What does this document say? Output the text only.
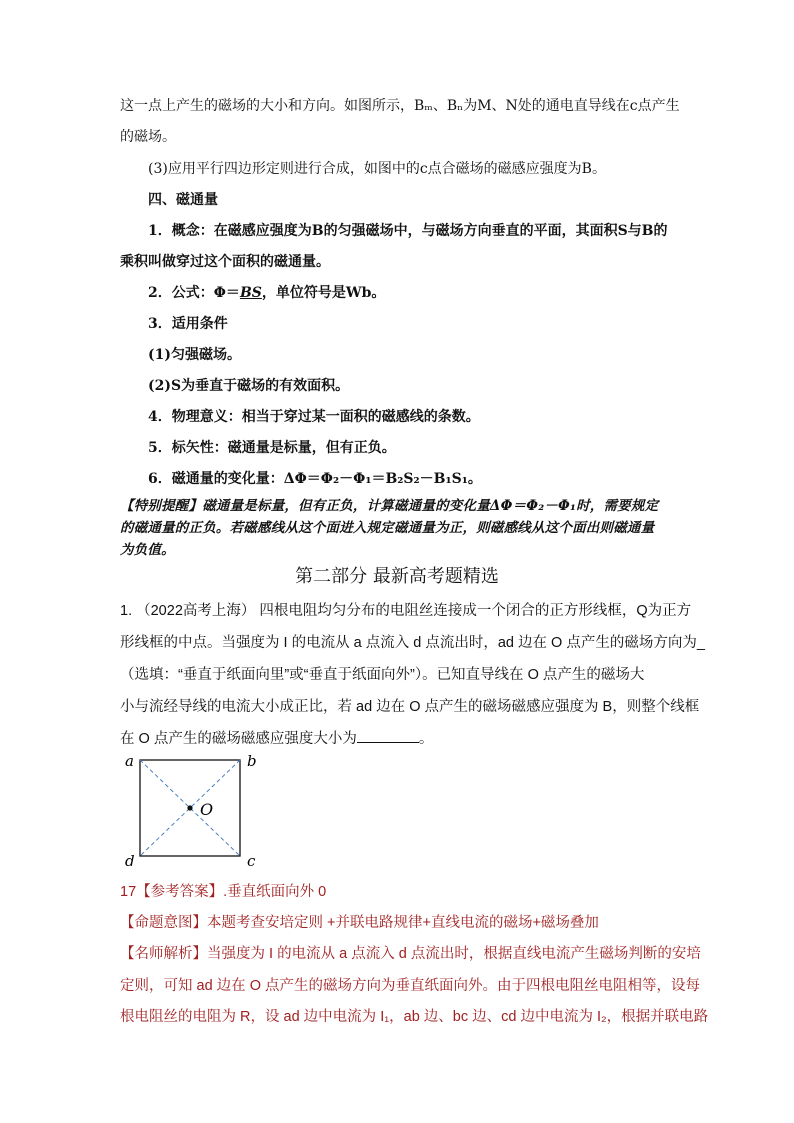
这一点上产生的磁场的大小和方向。如图所示，Bₘ、Bₙ为M、N处的通电直导线在c点产生
的磁场。
(3)应用平行四边形定则进行合成，如图中的c点合磁场的磁感应强度为B。
四、磁通量
1．概念：在磁感应强度为B的匀强磁场中，与磁场方向垂直的平面，其面积S与B的
乘积叫做穿过这个面积的磁通量。
2．公式：Φ＝BS，单位符号是Wb。
3．适用条件
(1)匀强磁场。
(2)S为垂直于磁场的有效面积。
4．物理意义：相当于穿过某一面积的磁感线的条数。
5．标矢性：磁通量是标量，但有正负。
6．磁通量的变化量：ΔΦ＝Φ₂－Φ₁＝B₂S₂－B₁S₁。
【特别提醒】磁通量是标量，但有正负，计算磁通量的变化量ΔΦ＝Φ₂－Φ₁时，需要规定
的磁通量的正负。若磁感线从这个面进入规定磁通量为正，则磁感线从这个面出则磁通量
为负值。
第二部分 最新高考题精选
1. （2022高考上海） 四根电阻均匀分布的电阻丝连接成一个闭合的正方形线框，Q为正方
形线框的中点。当强度为 I 的电流从 a 点流入 d 点流出时，ad 边在 O 点产生的磁场方向为_
（选填：“垂直于纸面向里”或“垂直于纸面向外”）。已知直导线在 O 点产生的磁场大
小与流经导线的电流大小成正比，若 ad 边在 O 点产生的磁场磁感应强度为 B，则整个线框
在 O 点产生的磁场磁感应强度大小为	。
a	b
c
d
O
17【参考答案】.垂直纸面向外 0
【命题意图】本题考查安培定则 +并联电路规律+直线电流的磁场+磁场叠加
【名师解析】当强度为 I 的电流从 a 点流入 d 点流出时，根据直线电流产生磁场判断的安培
定则，可知 ad 边在 O 点产生的磁场方向为垂直纸面向外。由于四根电阻丝电阻相等，设每
根电阻丝的电阻为 R，设 ad 边中电流为 I₁，ab 边、bc 边、cd 边中电流为 I₂，根据并联电路
